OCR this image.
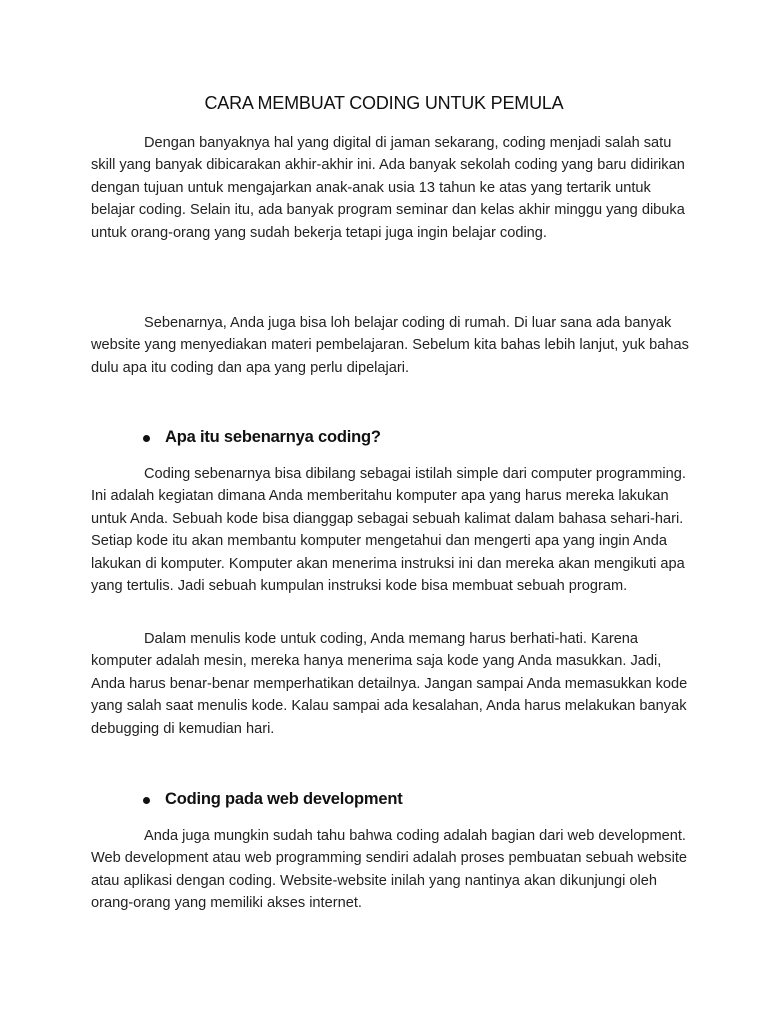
CARA MEMBUAT CODING UNTUK PEMULA

Dengan banyaknya hal yang digital di jaman sekarang, coding menjadi salah satu skill yang banyak dibicarakan akhir-akhir ini. Ada banyak sekolah coding yang baru didirikan dengan tujuan untuk mengajarkan anak-anak usia 13 tahun ke atas yang tertarik untuk belajar coding. Selain itu, ada banyak program seminar dan kelas akhir minggu yang dibuka untuk orang-orang yang sudah bekerja tetapi juga ingin belajar coding.

Sebenarnya, Anda juga bisa loh belajar coding di rumah. Di luar sana ada banyak website yang menyediakan materi pembelajaran. Sebelum kita bahas lebih lanjut, yuk bahas dulu apa itu coding dan apa yang perlu dipelajari.

Apa itu sebenarnya coding?

Coding sebenarnya bisa dibilang sebagai istilah simple dari computer programming. Ini adalah kegiatan dimana Anda memberitahu komputer apa yang harus mereka lakukan untuk Anda. Sebuah kode bisa dianggap sebagai sebuah kalimat dalam bahasa sehari-hari. Setiap kode itu akan membantu komputer mengetahui dan mengerti apa yang ingin Anda lakukan di komputer. Komputer akan menerima instruksi ini dan mereka akan mengikuti apa yang tertulis. Jadi sebuah kumpulan instruksi kode bisa membuat sebuah program.

Dalam menulis kode untuk coding, Anda memang harus berhati-hati. Karena komputer adalah mesin, mereka hanya menerima saja kode yang Anda masukkan. Jadi, Anda harus benar-benar memperhatikan detailnya. Jangan sampai Anda memasukkan kode yang salah saat menulis kode. Kalau sampai ada kesalahan, Anda harus melakukan banyak debugging di kemudian hari.

Coding pada web development

Anda juga mungkin sudah tahu bahwa coding adalah bagian dari web development. Web development atau web programming sendiri adalah proses pembuatan sebuah website atau aplikasi dengan coding. Website-website inilah yang nantinya akan dikunjungi oleh orang-orang yang memiliki akses internet.
